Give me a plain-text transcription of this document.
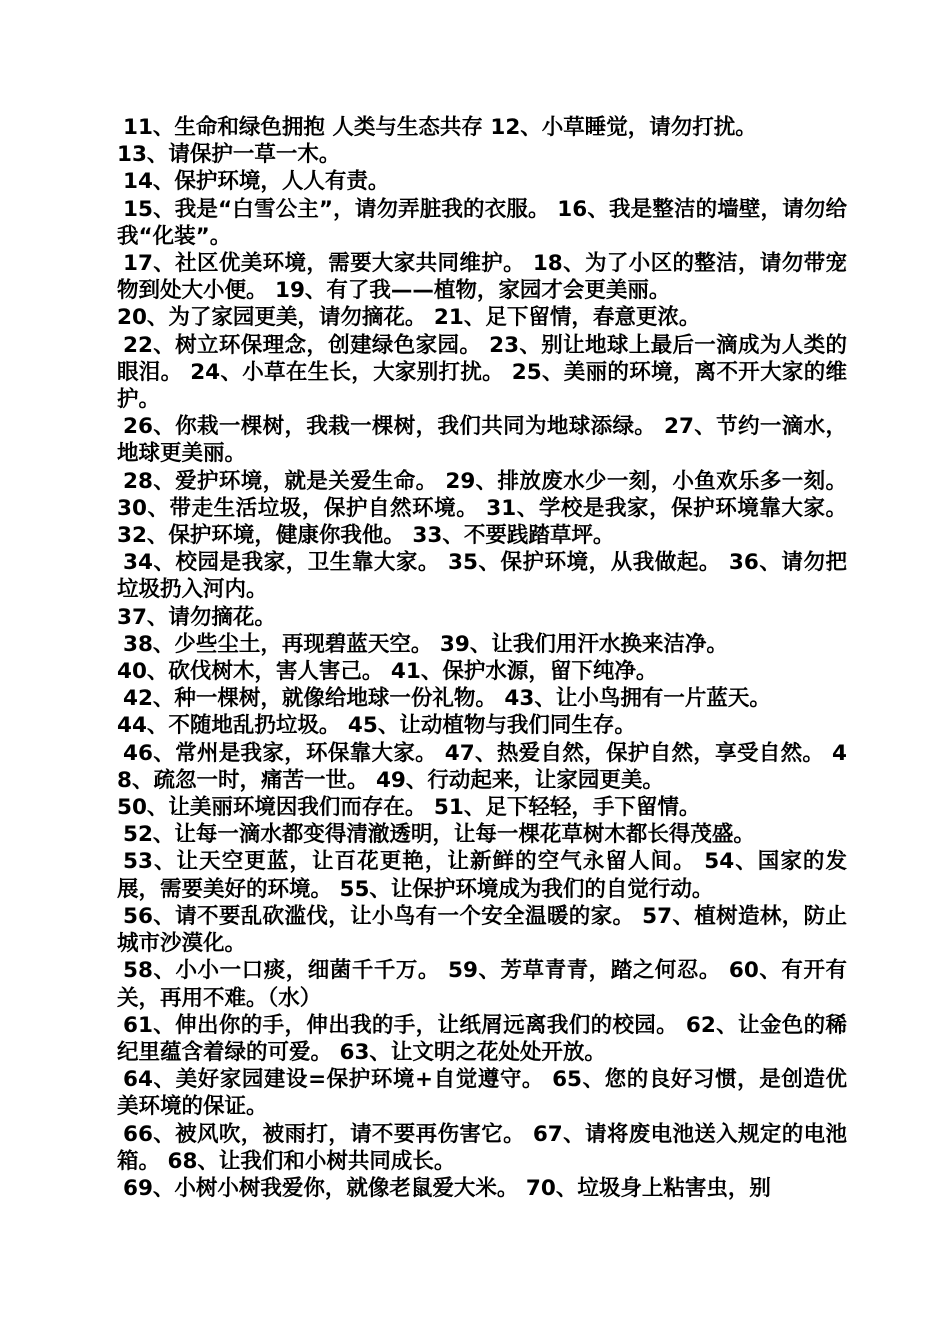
11、生命和绿色拥抱 人类与生态共存 12、小草睡觉，请勿打扰。

13、请保护一草一木。

14、保护环境，人人有责。

15、我是“白雪公主”，请勿弄脏我的衣服。 16、我是整洁的墙壁，请勿给我“化装”。

17、社区优美环境，需要大家共同维护。 18、为了小区的整洁，请勿带宠物到处大小便。 19、有了我——植物，家园才会更美丽。

20、为了家园更美，请勿摘花。 21、足下留情，春意更浓。

22、树立环保理念，创建绿色家园。 23、别让地球上最后一滴成为人类的眼泪。 24、小草在生长，大家别打扰。 25、美丽的环境，离不开大家的维护。

26、你栽一棵树，我栽一棵树，我们共同为地球添绿。 27、节约一滴水，地球更美丽。

28、爱护环境，就是关爱生命。 29、排放废水少一刻，小鱼欢乐多一刻。 30、带走生活垃圾，保护自然环境。 31、学校是我家，保护环境靠大家。 32、保护环境，健康你我他。 33、不要践踏草坪。

34、校园是我家，卫生靠大家。 35、保护环境，从我做起。 36、请勿把垃圾扔入河内。

37、请勿摘花。

38、少些尘土，再现碧蓝天空。 39、让我们用汗水换来洁净。

40、砍伐树木，害人害己。 41、保护水源，留下纯净。

42、种一棵树，就像给地球一份礼物。 43、让小鸟拥有一片蓝天。

44、不随地乱扔垃圾。 45、让动植物与我们同生存。

46、常州是我家，环保靠大家。 47、热爱自然，保护自然，享受自然。 48、疏忽一时，痛苦一世。 49、行动起来，让家园更美。

50、让美丽环境因我们而存在。 51、足下轻轻，手下留情。

52、让每一滴水都变得清澈透明，让每一棵花草树木都长得茂盛。

53、让天空更蓝，让百花更艳，让新鲜的空气永留人间。 54、国家的发展，需要美好的环境。 55、让保护环境成为我们的自觉行动。

56、请不要乱砍滥伐，让小鸟有一个安全温暖的家。 57、植树造林，防止城市沙漠化。

58、小小一口痰，细菌千千万。 59、芳草青青，踏之何忍。 60、有开有关，再用不难。（水）

61、伸出你的手，伸出我的手，让纸屑远离我们的校园。 62、让金色的稀纪里蕴含着绿的可爱。 63、让文明之花处处开放。

64、美好家园建设=保护环境+自觉遵守。 65、您的良好习惯，是创造优美环境的保证。

66、被风吹，被雨打，请不要再伤害它。 67、请将废电池送入规定的电池箱。 68、让我们和小树共同成长。

69、小树小树我爱你，就像老鼠爱大米。 70、垃圾身上粘害虫，别
